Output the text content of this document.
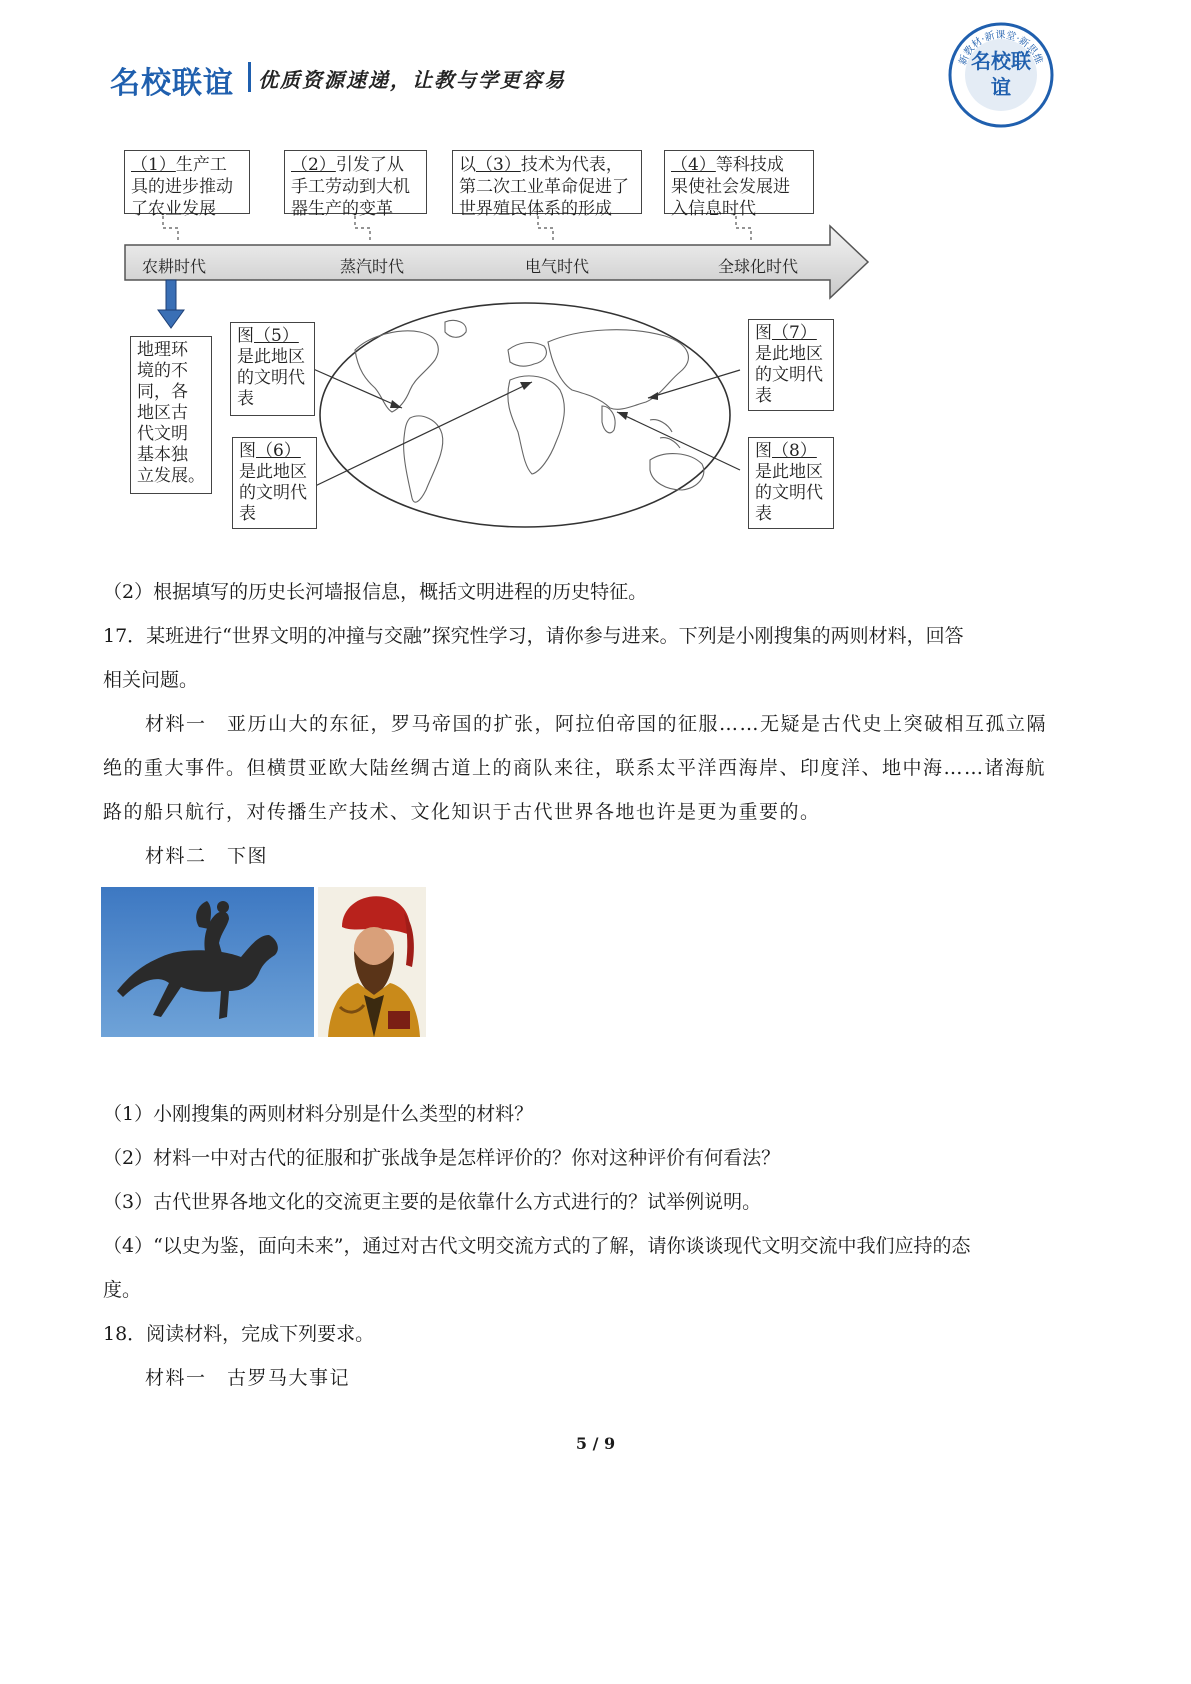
名校联谊 优质资源速递，让教与学更容易
新教材·新课堂·新思维
名校联谊
农耕时代	蒸汽时代	电气时代	全球化时代
（1）生产工
具的进步推动
了农业发展
（2）引发了从
手工劳动到大机
器生产的变革
以（3）技术为代表，
第二次工业革命促进了
世界殖民体系的形成
（4）等科技成
果使社会发展进
入信息时代
地理环
境的不
同，各
地区古
代文明
基本独
立发展。
图（5）
是此地区
的文明代
表
图（6）
是此地区
的文明代
表
图（7）
是此地区
的文明代
表
图（8）
是此地区
的文明代
表
（2）根据填写的历史长河墙报信息，概括文明进程的历史特征。
17．某班进行“世界文明的冲撞与交融”探究性学习，请你参与进来。下列是小刚搜集的两则材料，回答
相关问题。
材料一　亚历山大的东征，罗马帝国的扩张，阿拉伯帝国的征服……无疑是古代史上突破相互孤立隔
绝的重大事件。但横贯亚欧大陆丝绸古道上的商队来往，联系太平洋西海岸、印度洋、地中海……诸海航
路的船只航行，对传播生产技术、文化知识于古代世界各地也许是更为重要的。
材料二　下图
（1）小刚搜集的两则材料分别是什么类型的材料？
（2）材料一中对古代的征服和扩张战争是怎样评价的？你对这种评价有何看法？
（3）古代世界各地文化的交流更主要的是依靠什么方式进行的？试举例说明。
（4）“以史为鉴，面向未来”，通过对古代文明交流方式的了解，请你谈谈现代文明交流中我们应持的态
度。
18．阅读材料，完成下列要求。
材料一　古罗马大事记
5 / 9
